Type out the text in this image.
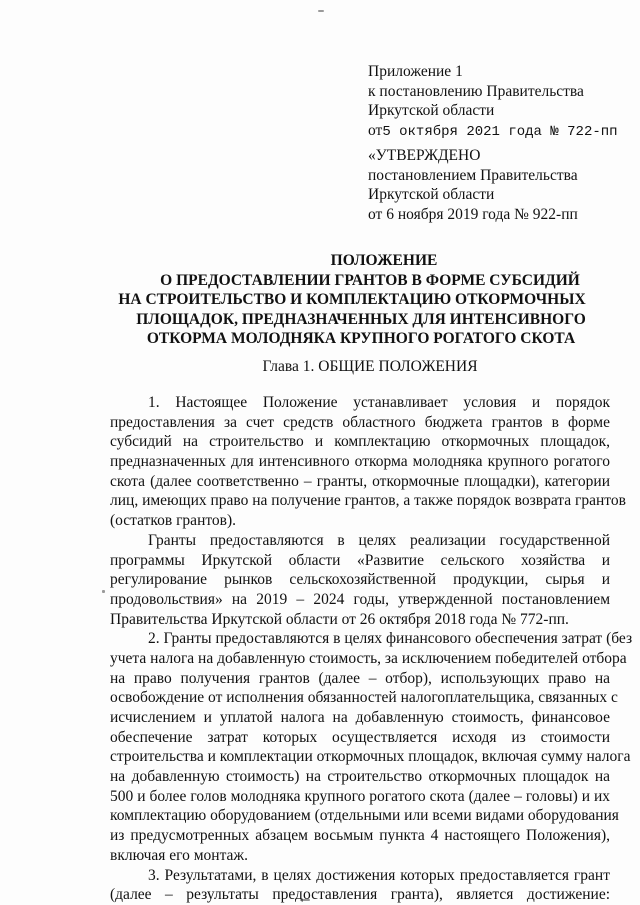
Приложение 1
к постановлению Правительства
Иркутской области
от5 октября 2021 года № 722-пп
«УТВЕРЖДЕНО
постановлением Правительства
Иркутской области
от 6 ноября 2019 года № 922-пп
ПОЛОЖЕНИЕ
О ПРЕДОСТАВЛЕНИИ ГРАНТОВ В ФОРМЕ СУБСИДИЙ
НА СТРОИТЕЛЬСТВО И КОМПЛЕКТАЦИЮ ОТКОРМОЧНЫХ
ПЛОЩАДОК, ПРЕДНАЗНАЧЕННЫХ ДЛЯ ИНТЕНСИВНОГО
ОТКОРМА МОЛОДНЯКА КРУПНОГО РОГАТОГО СКОТА
Глава 1. ОБЩИЕ ПОЛОЖЕНИЯ
1. Настоящее Положение устанавливает условия и порядок
предоставления за счет средств областного бюджета грантов в форме
субсидий на строительство и комплектацию откормочных площадок,
предназначенных для интенсивного откорма молодняка крупного рогатого
скота (далее соответственно – гранты, откормочные площадки), категории
лиц, имеющих право на получение грантов, а также порядок возврата грантов
(остатков грантов).
Гранты предоставляются в целях реализации государственной
программы Иркутской области «Развитие сельского хозяйства и
регулирование рынков сельскохозяйственной продукции, сырья и
продовольствия» на 2019 – 2024 годы, утвержденной постановлением
Правительства Иркутской области от 26 октября 2018 года № 772-пп.
2. Гранты предоставляются в целях финансового обеспечения затрат (без
учета налога на добавленную стоимость, за исключением победителей отбора
на право получения грантов (далее – отбор), использующих право на
освобождение от исполнения обязанностей налогоплательщика, связанных с
исчислением и уплатой налога на добавленную стоимость, финансовое
обеспечение затрат которых осуществляется исходя из стоимости
строительства и комплектации откормочных площадок, включая сумму налога
на добавленную стоимость) на строительство откормочных площадок на
500 и более голов молодняка крупного рогатого скота (далее – головы) и их
комплектацию оборудованием (отдельными или всеми видами оборудования
из предусмотренных абзацем восьмым пункта 4 настоящего Положения),
включая его монтаж.
3. Результатами, в целях достижения которых предоставляется грант
(далее – результаты предоставления гранта), является достижение:
